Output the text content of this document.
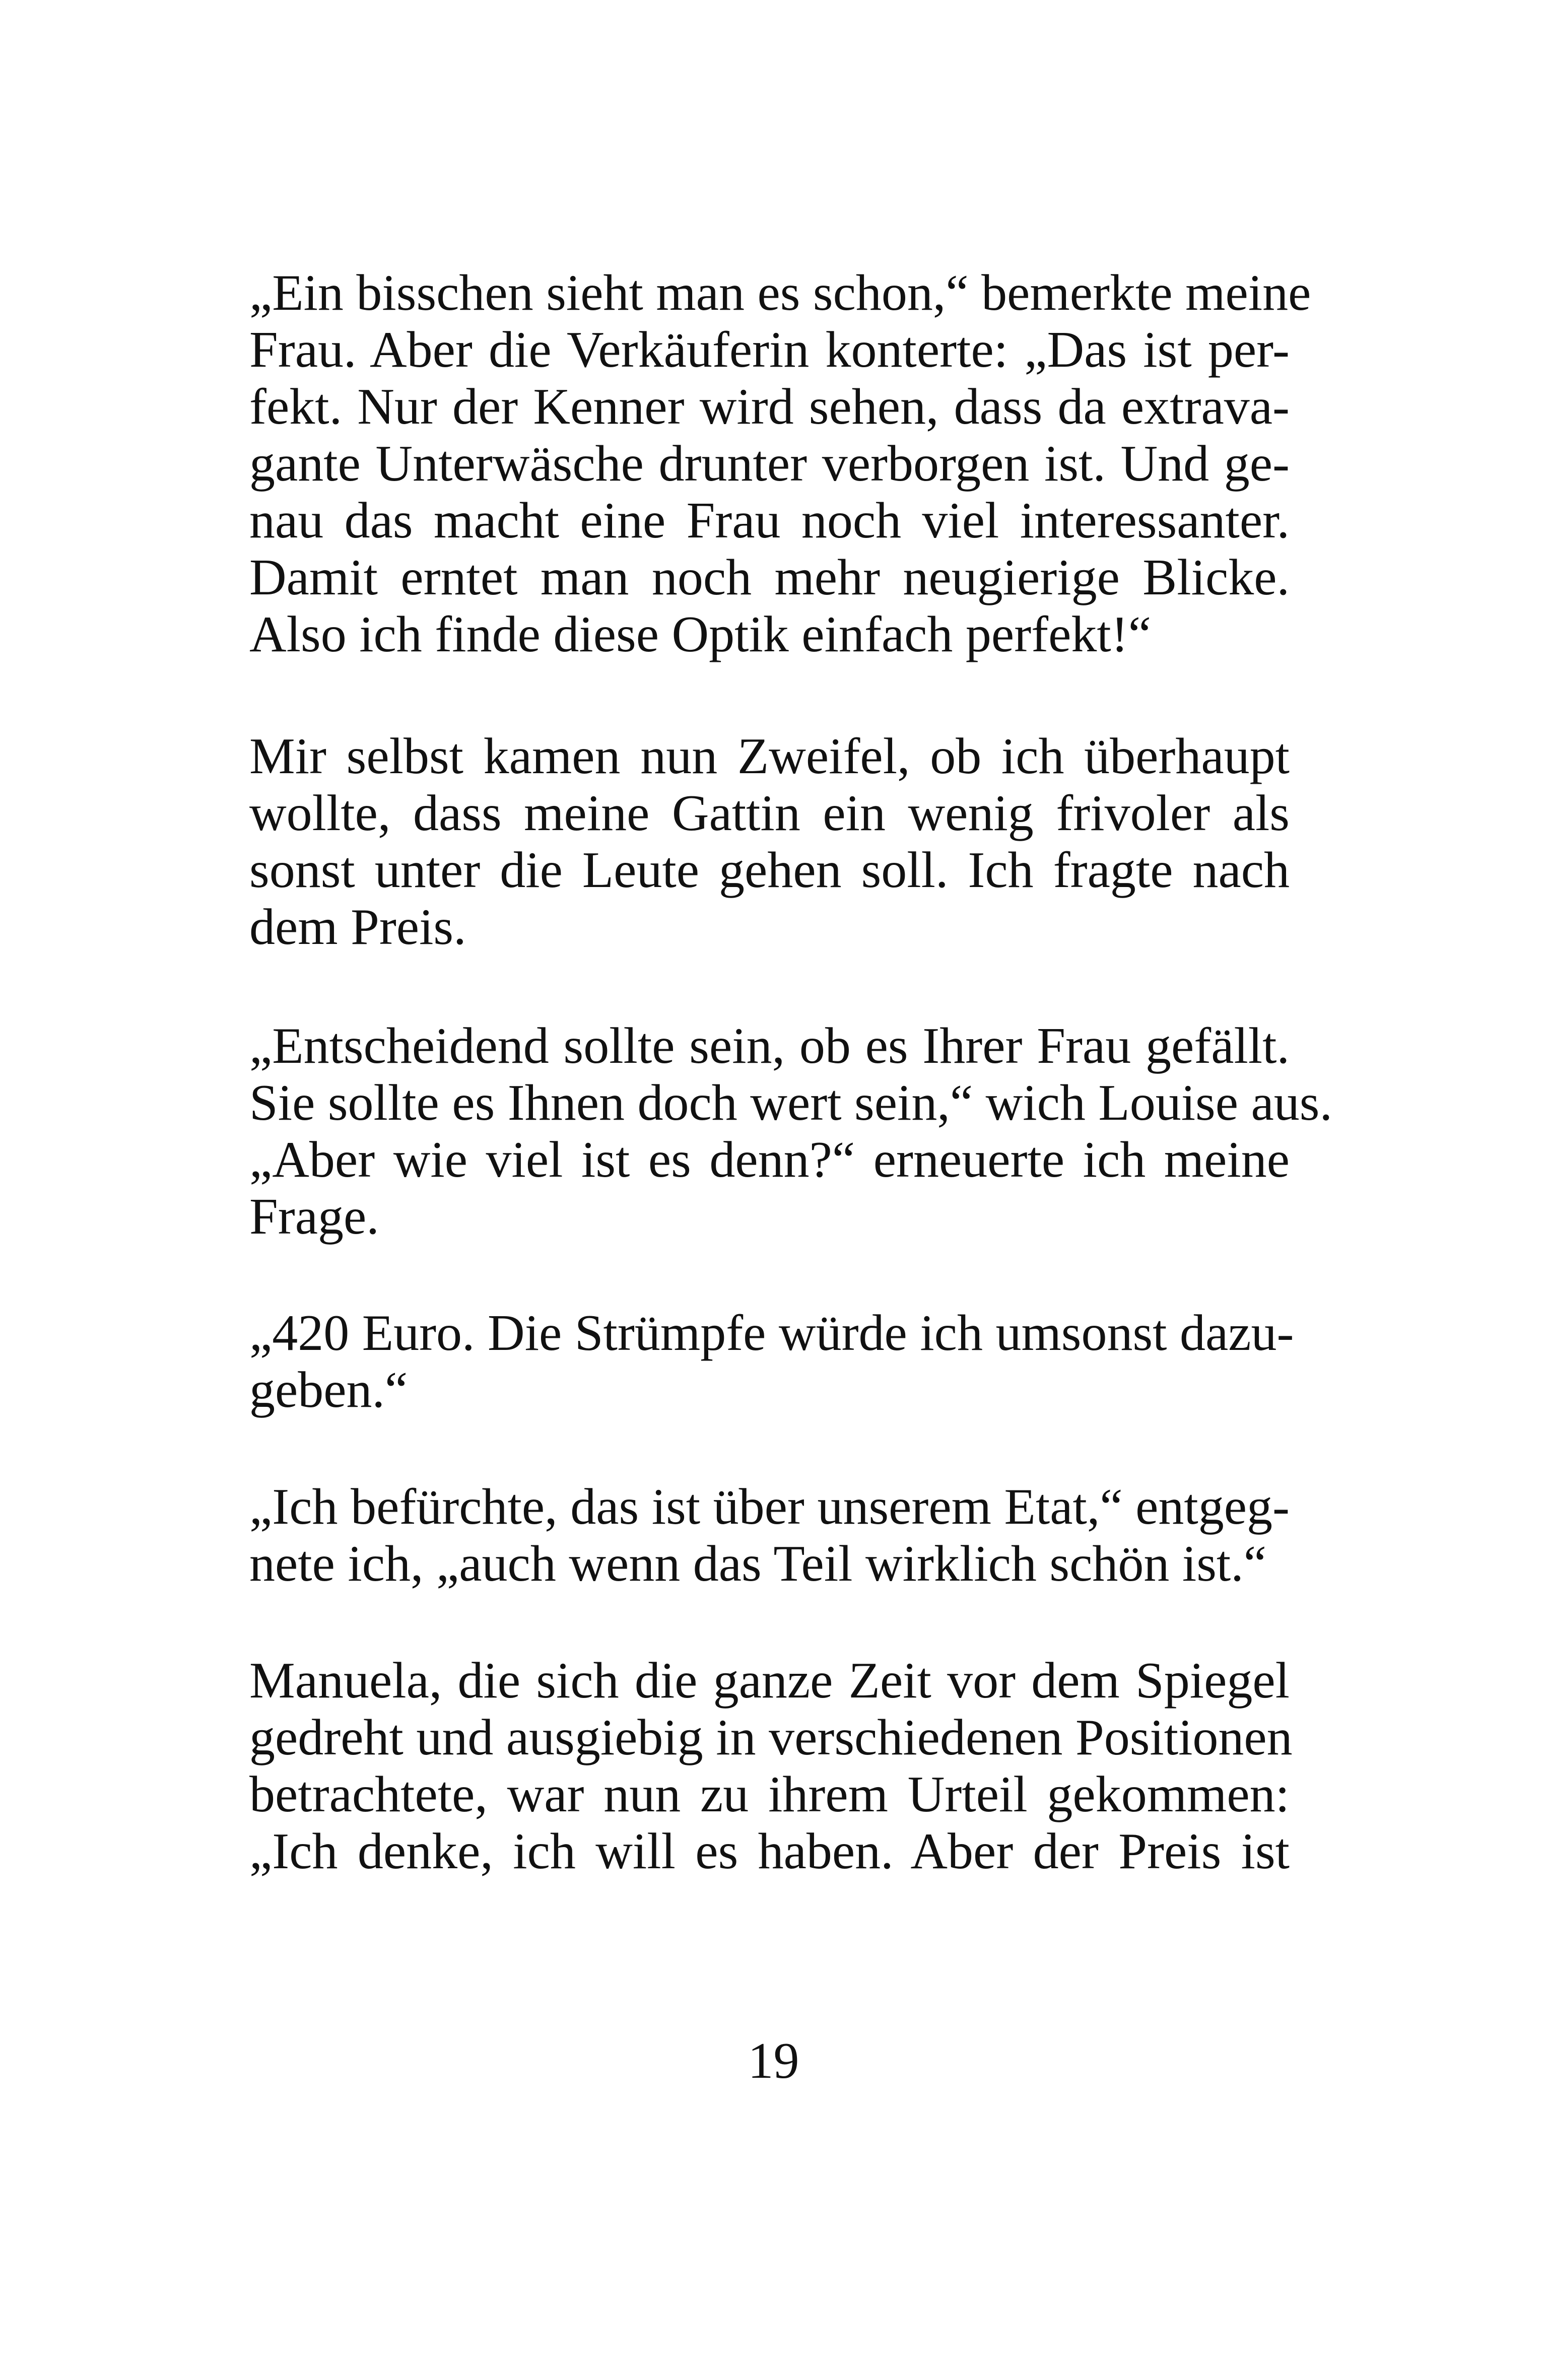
„Ein bisschen sieht man es schon,“ bemerkte meine
Frau. Aber die Verkäuferin konterte: „Das ist per-
fekt. Nur der Kenner wird sehen, dass da extrava-
gante Unterwäsche drunter verborgen ist. Und ge-
nau das macht eine Frau noch viel interessanter.
Damit erntet man noch mehr neugierige Blicke.
Also ich finde diese Optik einfach perfekt!“
Mir selbst kamen nun Zweifel, ob ich überhaupt
wollte, dass meine Gattin ein wenig frivoler als
sonst unter die Leute gehen soll. Ich fragte nach
dem Preis.
„Entscheidend sollte sein, ob es Ihrer Frau gefällt.
Sie sollte es Ihnen doch wert sein,“ wich Louise aus.
„Aber wie viel ist es denn?“ erneuerte ich meine
Frage.
„420 Euro. Die Strümpfe würde ich umsonst dazu-
geben.“
„Ich befürchte, das ist über unserem Etat,“ entgeg-
nete ich, „auch wenn das Teil wirklich schön ist.“
Manuela, die sich die ganze Zeit vor dem Spiegel
gedreht und ausgiebig in verschiedenen Positionen
betrachtete, war nun zu ihrem Urteil gekommen:
„Ich denke, ich will es haben. Aber der Preis ist
19
